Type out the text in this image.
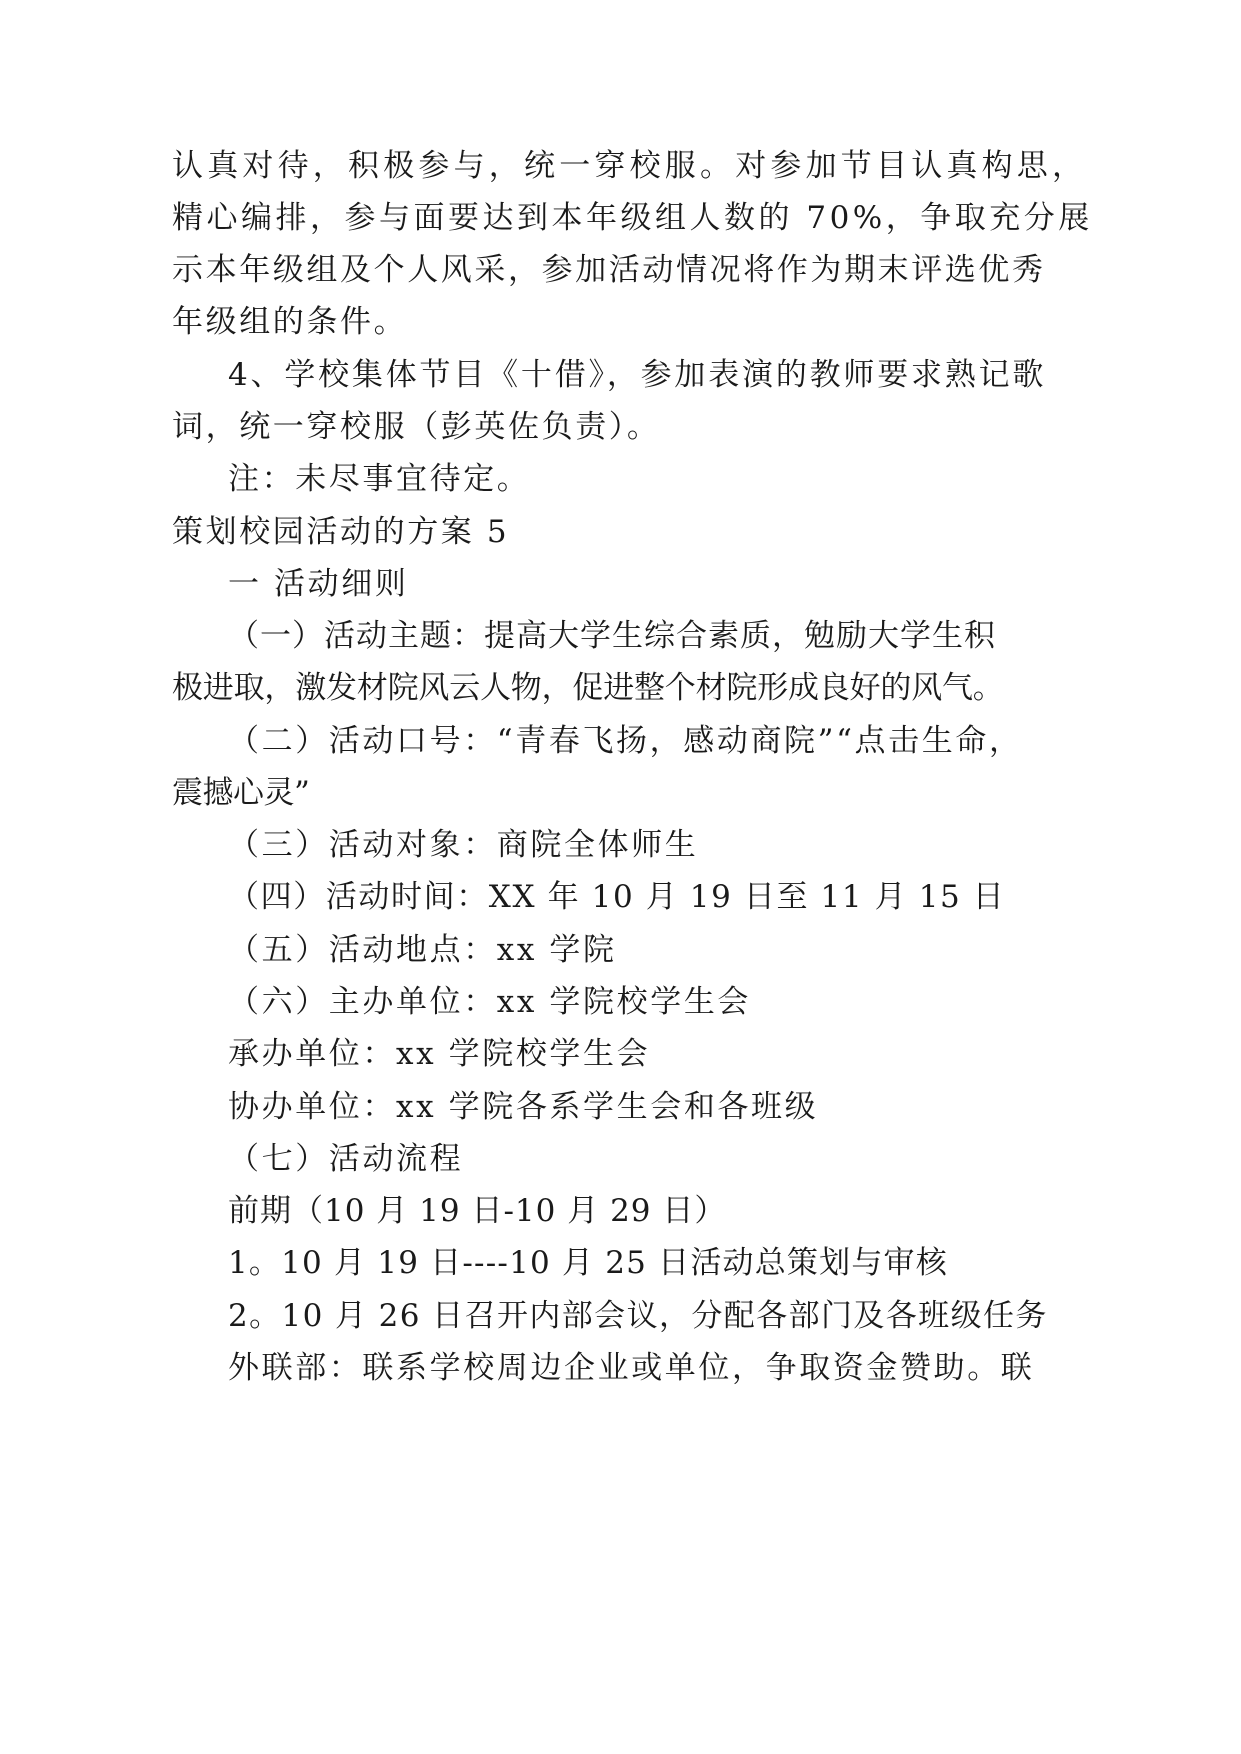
认真对待，积极参与，统一穿校服。对参加节目认真构思，

精心编排，参与面要达到本年级组人数的 70%，争取充分展

示本年级组及个人风采，参加活动情况将作为期末评选优秀

年级组的条件。

4、学校集体节目《十借》，参加表演的教师要求熟记歌

词，统一穿校服（彭英佐负责）。

注：未尽事宜待定。

策划校园活动的方案 5

一 活动细则

（一）活动主题：提高大学生综合素质，勉励大学生积

极进取，激发材院风云人物，促进整个材院形成良好的风气。

（二）活动口号：“青春飞扬，感动商院”“点击生命，

震撼心灵”

（三）活动对象：商院全体师生

（四）活动时间：XX 年 10 月 19 日至 11 月 15 日

（五）活动地点：xx 学院

（六）主办单位：xx 学院校学生会

承办单位：xx 学院校学生会

协办单位：xx 学院各系学生会和各班级

（七）活动流程

前期（10 月 19 日-10 月 29 日）

1。10 月 19 日----10 月 25 日活动总策划与审核

2。10 月 26 日召开内部会议，分配各部门及各班级任务

外联部：联系学校周边企业或单位，争取资金赞助。联
